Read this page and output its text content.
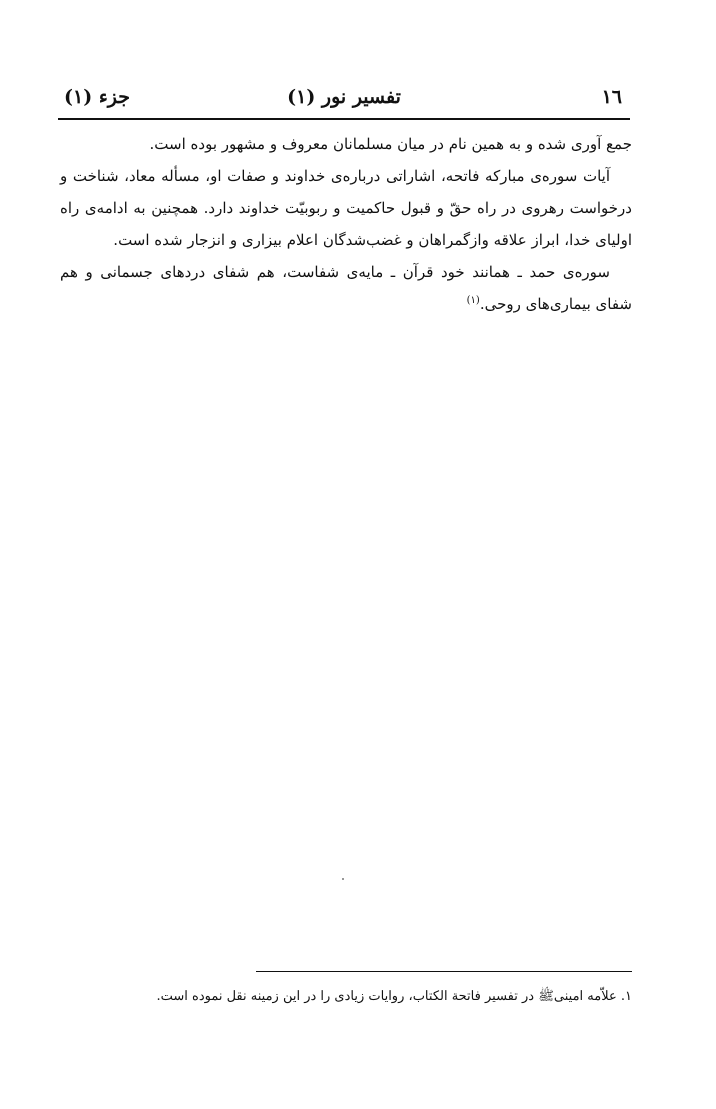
١٦
تفسیر نور (١)
جزء (١)

جمع آوری شده و به همین نام در میان مسلمانان معروف و مشهور بوده است.

آیات سوره‌ی مبارکه فاتحه، اشاراتی درباره‌ی خداوند و صفات او، مسأله معاد، شناخت و درخواست رهروی در راه حقّ و قبول حاکمیت و ربوبیّت خداوند دارد. همچنین به ادامه‌ی راه اولیای خدا، ابراز علاقه وازگمراهان و غضب‌شدگان اعلام بیزاری و انزجار شده است.

سوره‌ی حمد ـ همانند خود قرآن ـ مایه‌ی شفاست، هم شفای دردهای جسمانی و هم شفای بیماری‌های روحی.$^{(١)}$

١. علاّمه امینیﷺ در تفسیر فاتحة الکتاب، روایات زیادی را در این زمینه نقل نموده است.
